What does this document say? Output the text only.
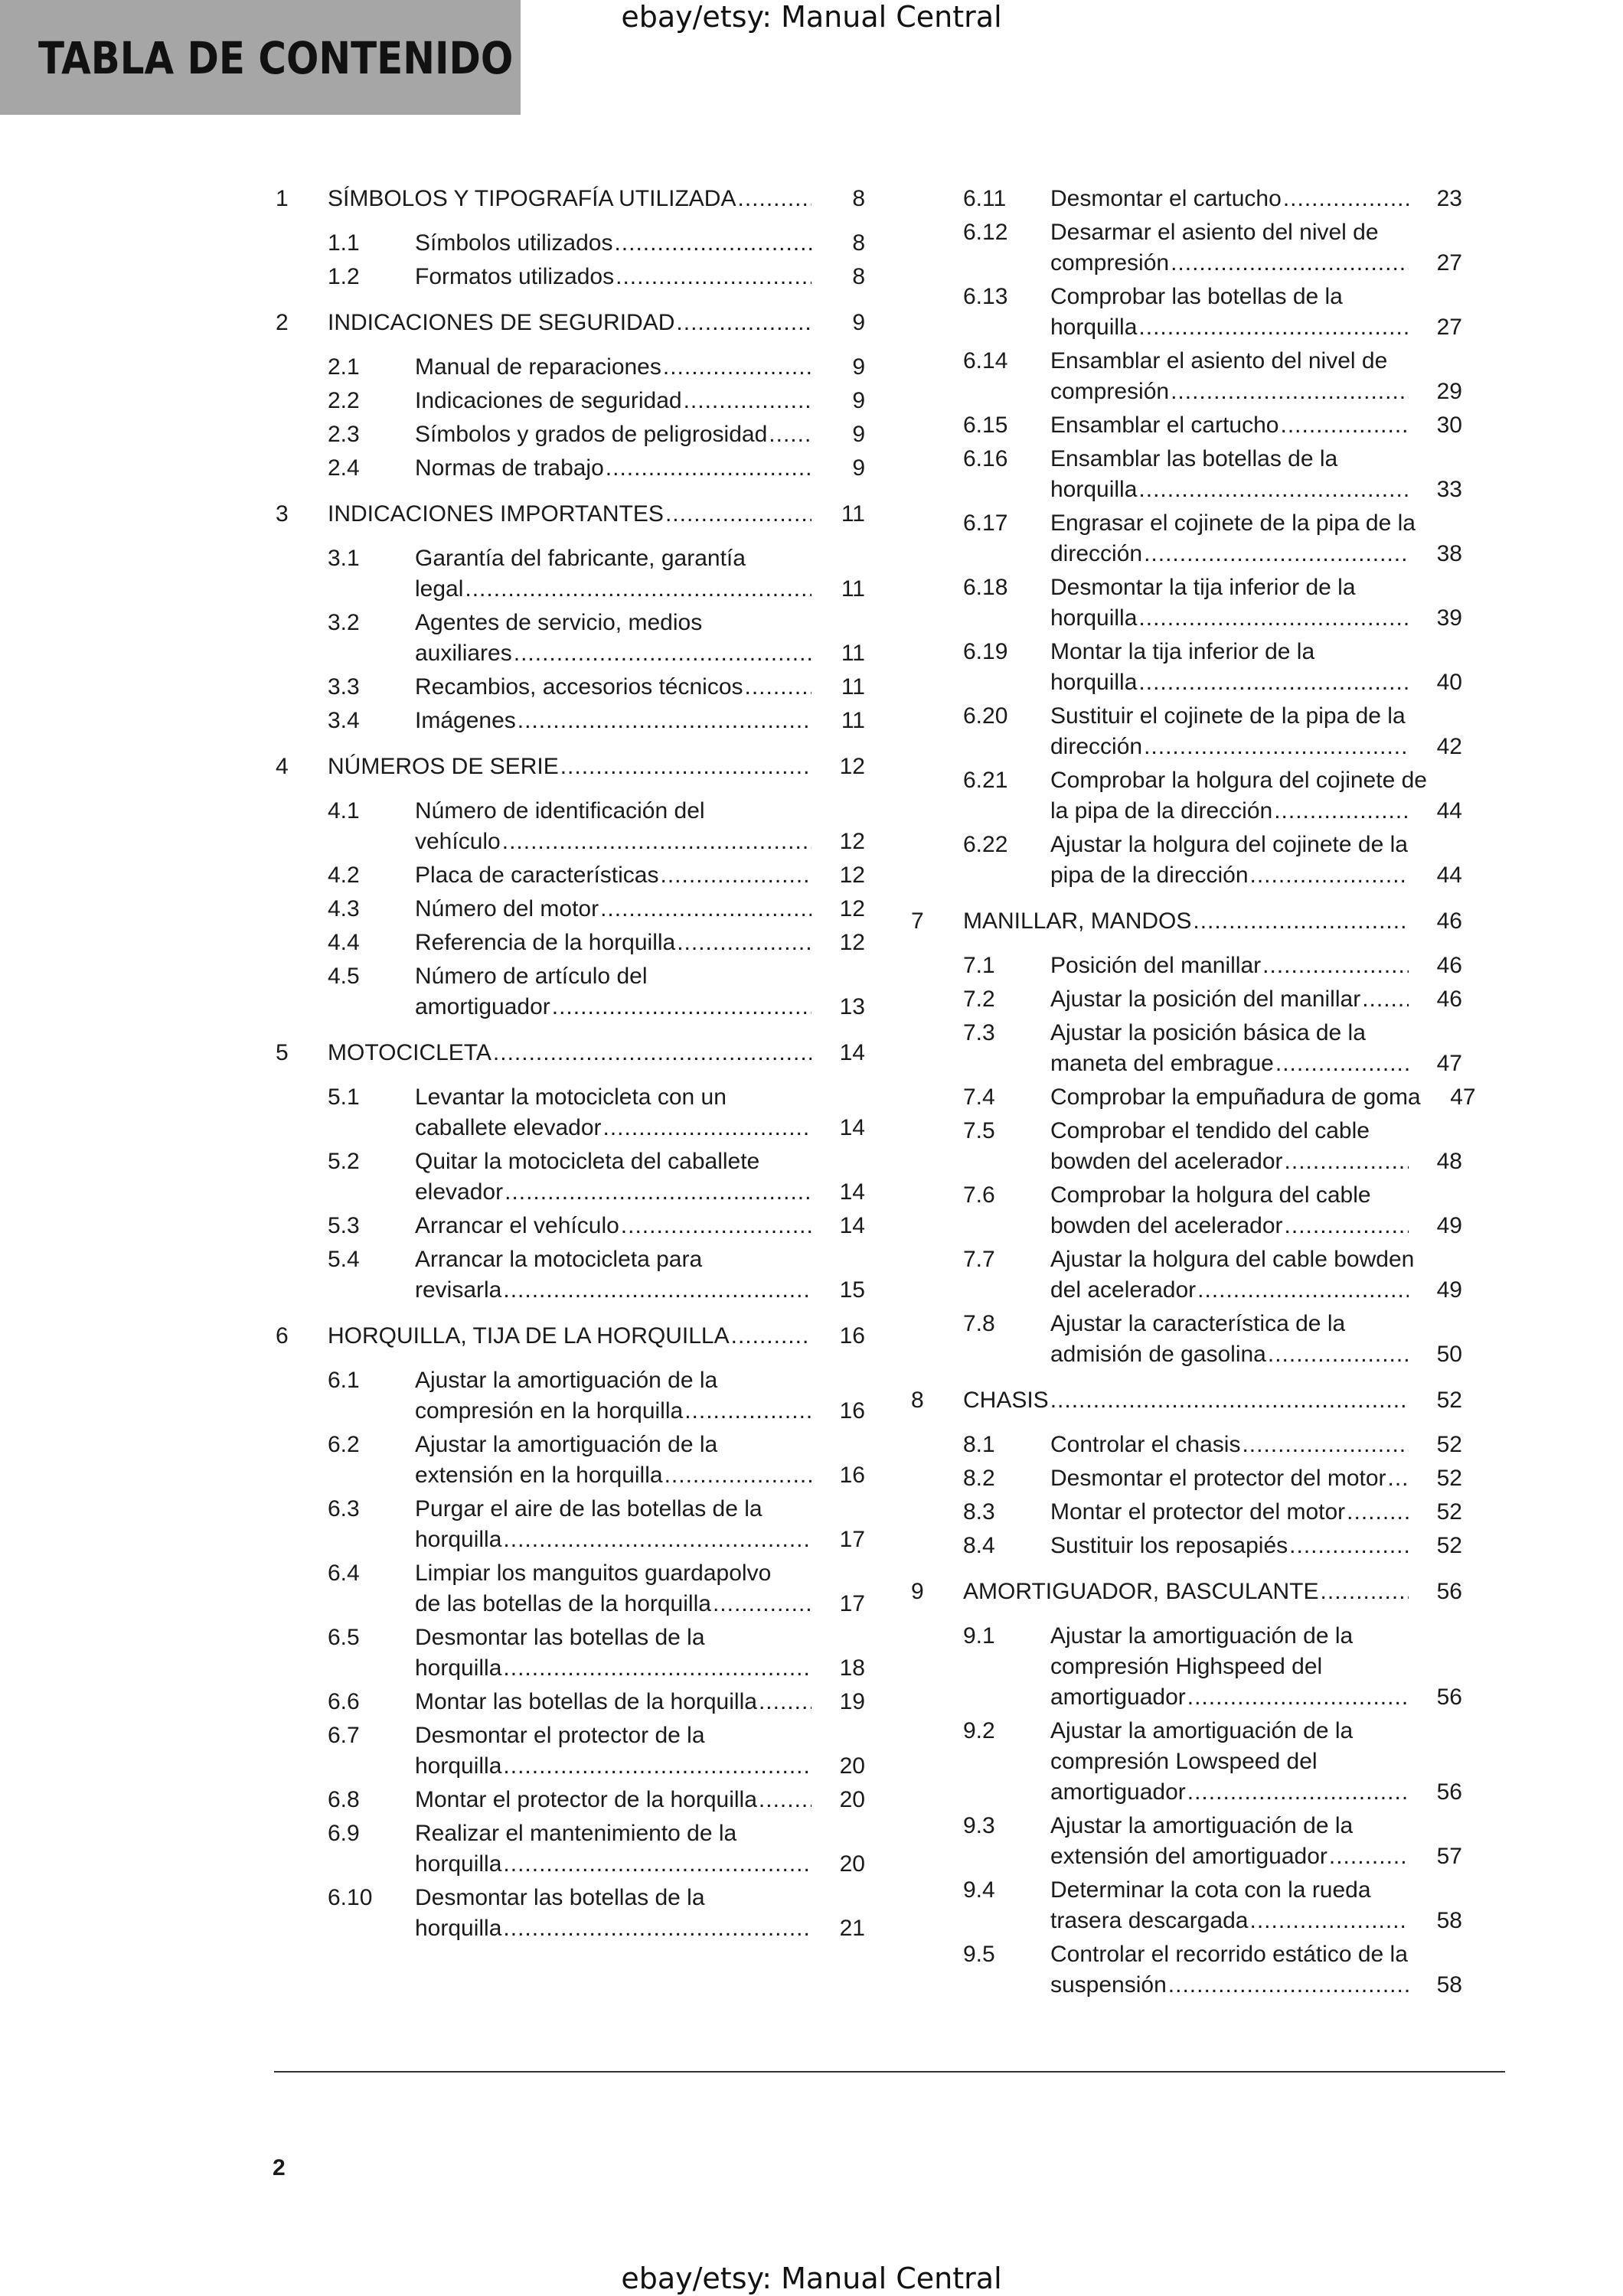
ebay/etsy: Manual Central
TABLA DE CONTENIDO
1 SÍMBOLOS Y TIPOGRAFÍA UTILIZADA .....	8
1.1 Símbolos utilizados .....	8
1.2 Formatos utilizados .....	8
2 INDICACIONES DE SEGURIDAD .....	9
2.1 Manual de reparaciones .....	9
2.2 Indicaciones de seguridad .....	9
2.3 Símbolos y grados de peligrosidad .....	9
2.4 Normas de trabajo .....	9
3 INDICACIONES IMPORTANTES .....	11
3.1 Garantía del fabricante, garantía
legal .....	11
3.2 Agentes de servicio, medios
auxiliares .....	11
3.3 Recambios, accesorios técnicos .....	11
3.4 Imágenes .....	11
4 NÚMEROS DE SERIE .....	12
4.1 Número de identificación del
vehículo .....	12
4.2 Placa de características .....	12
4.3 Número del motor .....	12
4.4 Referencia de la horquilla .....	12
4.5 Número de artículo del
amortiguador .....	13
5 MOTOCICLETA .....	14
5.1 Levantar la motocicleta con un
caballete elevador .....	14
5.2 Quitar la motocicleta del caballete
elevador .....	14
5.3 Arrancar el vehículo .....	14
5.4 Arrancar la motocicleta para
revisarla .....	15
6 HORQUILLA, TIJA DE LA HORQUILLA .....	16
6.1 Ajustar la amortiguación de la
compresión en la horquilla .....	16
6.2 Ajustar la amortiguación de la
extensión en la horquilla .....	16
6.3 Purgar el aire de las botellas de la
horquilla .....	17
6.4 Limpiar los manguitos guardapolvo
de las botellas de la horquilla .....	17
6.5 Desmontar las botellas de la
horquilla .....	18
6.6 Montar las botellas de la horquilla .....	19
6.7 Desmontar el protector de la
horquilla .....	20
6.8 Montar el protector de la horquilla .....	20
6.9 Realizar el mantenimiento de la
horquilla .....	20
6.10 Desmontar las botellas de la
horquilla .....	21
6.11 Desmontar el cartucho .....	23
6.12 Desarmar el asiento del nivel de
compresión .....	27
6.13 Comprobar las botellas de la
horquilla .....	27
6.14 Ensamblar el asiento del nivel de
compresión .....	29
6.15 Ensamblar el cartucho .....	30
6.16 Ensamblar las botellas de la
horquilla .....	33
6.17 Engrasar el cojinete de la pipa de la
dirección .....	38
6.18 Desmontar la tija inferior de la
horquilla .....	39
6.19 Montar la tija inferior de la
horquilla .....	40
6.20 Sustituir el cojinete de la pipa de la
dirección .....	42
6.21 Comprobar la holgura del cojinete de
la pipa de la dirección .....	44
6.22 Ajustar la holgura del cojinete de la
pipa de la dirección .....	44
7 MANILLAR, MANDOS .....	46
7.1 Posición del manillar .....	46
7.2 Ajustar la posición del manillar .....	46
7.3 Ajustar la posición básica de la
maneta del embrague .....	47
7.4 Comprobar la empuñadura de goma	47
7.5 Comprobar el tendido del cable
bowden del acelerador .....	48
7.6 Comprobar la holgura del cable
bowden del acelerador .....	49
7.7 Ajustar la holgura del cable bowden
del acelerador .....	49
7.8 Ajustar la característica de la
admisión de gasolina .....	50
8 CHASIS .....	52
8.1 Controlar el chasis .....	52
8.2 Desmontar el protector del motor .....	52
8.3 Montar el protector del motor .....	52
8.4 Sustituir los reposapiés .....	52
9 AMORTIGUADOR, BASCULANTE .....	56
9.1 Ajustar la amortiguación de la
compresión Highspeed del
amortiguador .....	56
9.2 Ajustar la amortiguación de la
compresión Lowspeed del
amortiguador .....	56
9.3 Ajustar la amortiguación de la
extensión del amortiguador .....	57
9.4 Determinar la cota con la rueda
trasera descargada .....	58
9.5 Controlar el recorrido estático de la
suspensión .....	58
2
ebay/etsy: Manual Central
